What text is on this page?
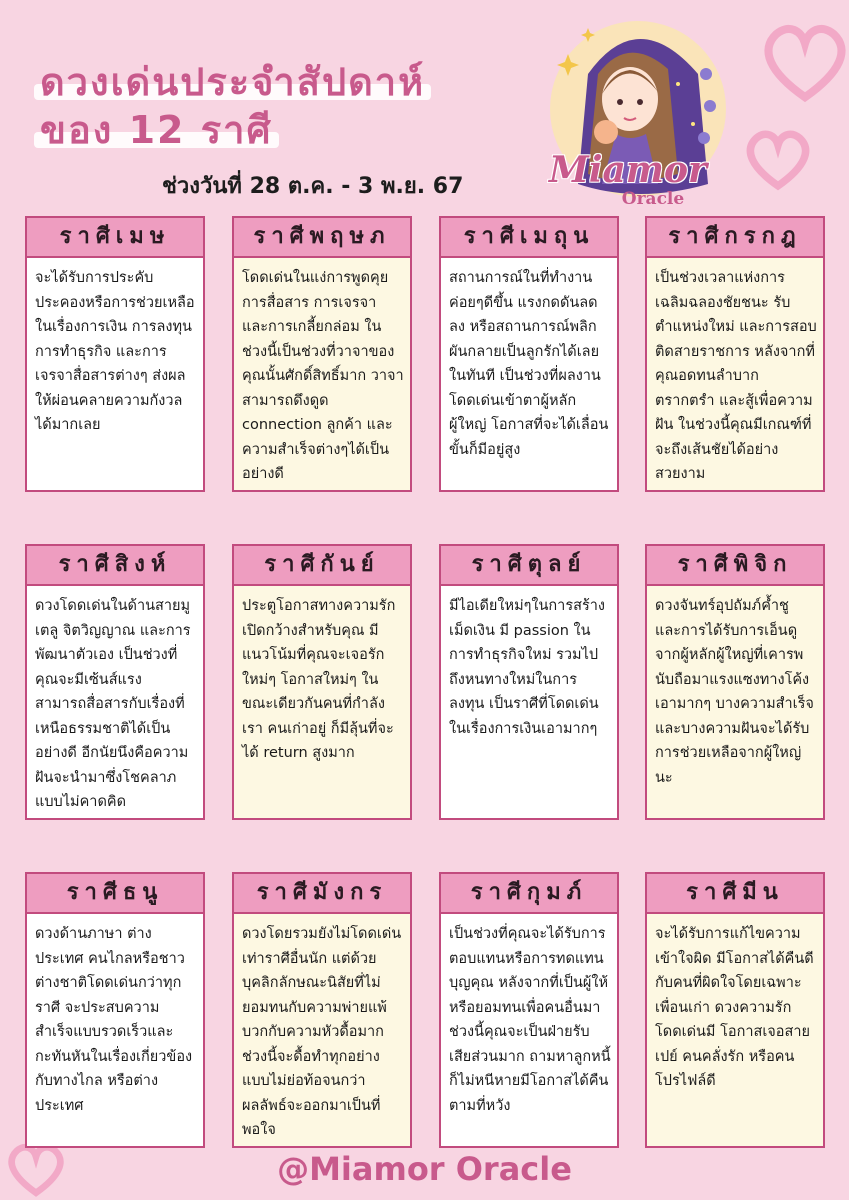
ดวงเด่นประจำสัปดาห์
ของ 12 ราศี
ช่วงวันที่ 28 ต.ค. - 3 พ.ย. 67 Miamor
Oracle
ราศีเมษ
จะได้รับการประคับประคองหรือการช่วยเหลือในเรื่องการเงิน การลงทุน การทำธุรกิจ และการเจรจาสื่อสารต่างๆ ส่งผลให้ผ่อนคลายความกังวลได้มากเลย
ราศีพฤษภ
โดดเด่นในแง่การพูดคุย การสื่อสาร การเจรจา และการเกลี้ยกล่อม ในช่วงนี้เป็นช่วงที่วาจาของคุณนั้นศักดิ์สิทธิ์มาก วาจาสามารถดึงดูด connection ลูกค้า และความสำเร็จต่างๆได้เป็นอย่างดี
ราศีเมถุน
สถานการณ์ในที่ทำงานค่อยๆดีขึ้น แรงกดดันลดลง หรือสถานการณ์พลิกผันกลายเป็นลูกรักได้เลยในทันที เป็นช่วงที่ผลงานโดดเด่นเข้าตาผู้หลักผู้ใหญ่ โอกาสที่จะได้เลื่อนขั้นก็มีอยู่สูง
ราศีกรกฎ
เป็นช่วงเวลาแห่งการเฉลิมฉลองชัยชนะ รับตำแหน่งใหม่ และการสอบติดสายราชการ หลังจากที่คุณอดทนลำบากตรากตรำ และสู้เพื่อความฝัน ในช่วงนี้คุณมีเกณฑ์ที่จะถึงเส้นชัยได้อย่างสวยงาม
ราศีสิงห์
ดวงโดดเด่นในด้านสายมูเตลู จิตวิญญาณ และการพัฒนาตัวเอง เป็นช่วงที่คุณจะมีเซ้นส์แรง สามารถสื่อสารกับเรื่องที่เหนือธรรมชาติได้เป็นอย่างดี อีกนัยนึงคือความฝันจะนำมาซึ่งโชคลาภแบบไม่คาดคิด
ราศีกันย์
ประตูโอกาสทางความรักเปิดกว้างสำหรับคุณ มีแนวโน้มที่คุณจะเจอรักใหม่ๆ โอกาสใหม่ๆ ในขณะเดียวกันคนที่กำลังเรา คนเก่าอยู่ ก็มีลุ้นที่จะได้ return สูงมาก
ราศีตุลย์
มีไอเดียใหม่ๆในการสร้างเม็ดเงิน มี passion ในการทำธุรกิจใหม่ รวมไปถึงหนทางใหม่ในการลงทุน เป็นราศีที่โดดเด่นในเรื่องการเงินเอามากๆ
ราศีพิจิก
ดวงจันทร์อุปถัมภ์ค้ำชู และการได้รับการเอ็นดูจากผู้หลักผู้ใหญ่ที่เคารพนับถือมาแรงแซงทางโค้งเอามากๆ บางความสำเร็จและบางความฝันจะได้รับการช่วยเหลือจากผู้ใหญ่นะ
ราศีธนู
ดวงด้านภาษา ต่างประเทศ คนไกลหรือชาวต่างชาติโดดเด่นกว่าทุกราศี จะประสบความสำเร็จแบบรวดเร็วและกะทันหันในเรื่องเกี่ยวข้องกับทางไกล หรือต่างประเทศ
ราศีมังกร
ดวงโดยรวมยังไม่โดดเด่นเท่าราศีอื่นนัก แต่ด้วยบุคลิกลักษณะนิสัยที่ไม่ยอมทนกับความพ่ายแพ้ บวกกับความหัวดื้อมาก ช่วงนี้จะดื้อทำทุกอย่างแบบไม่ย่อท้อจนกว่าผลลัพธ์จะออกมาเป็นที่พอใจ
ราศีกุมภ์
เป็นช่วงที่คุณจะได้รับการตอบแทนหรือการทดแทนบุญคุณ หลังจากที่เป็นผู้ให้หรือยอมทนเพื่อคนอื่นมา ช่วงนี้คุณจะเป็นฝ่ายรับเสียส่วนมาก ถามหาลูกหนี้ก็ไม่หนีหายมีโอกาสได้คืนตามที่หวัง
ราศีมีน
จะได้รับการแก้ไขความเข้าใจผิด มีโอกาสได้คืนดีกับคนที่ผิดใจโดยเฉพาะเพื่อนเก่า ดวงความรักโดดเด่นมี โอกาสเจอสายเปย์ คนคลั่งรัก หรือคนโปรไฟล์ดี
@Miamor Oracle
